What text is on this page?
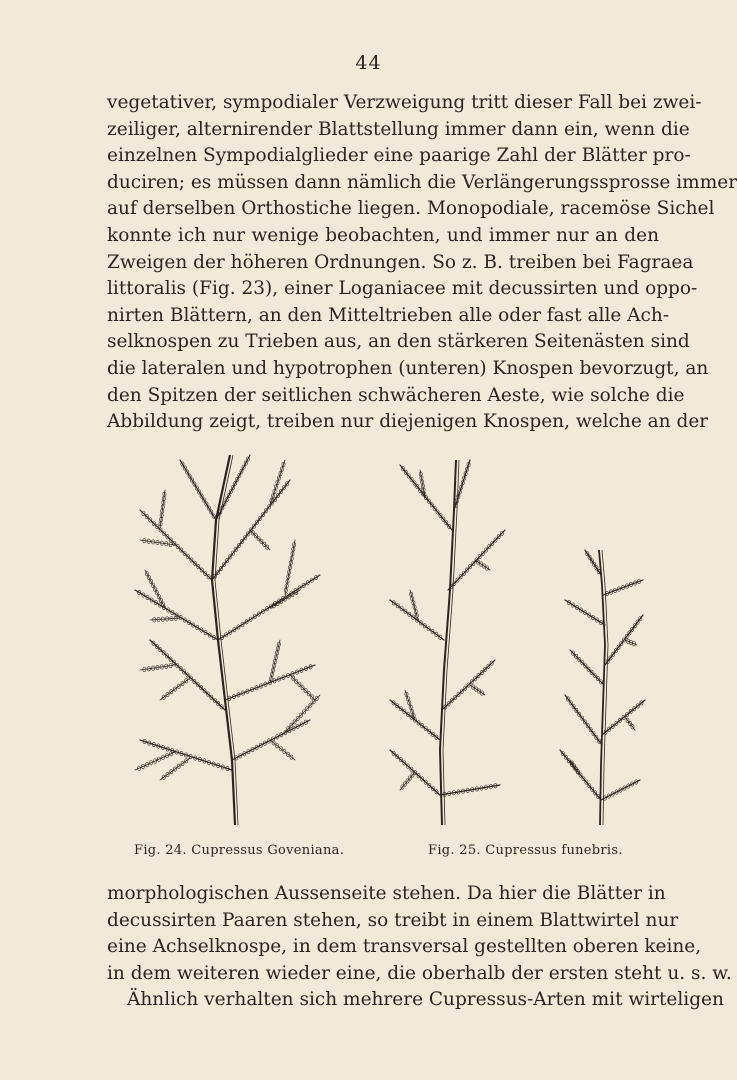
44
vegetativer, sympodialer Verzweigung tritt dieser Fall bei zwei-
zeiliger, alternirender Blattstellung immer dann ein, wenn die
einzelnen Sympodialglieder eine paarige Zahl der Blätter pro-
duciren; es müssen dann nämlich die Verlängerungssprosse immer
auf derselben Orthostiche liegen. Monopodiale, racemöse Sichel
konnte ich nur wenige beobachten, und immer nur an den
Zweigen der höheren Ordnungen. So z. B. treiben bei Fagraea
littoralis (Fig. 23), einer Loganiacee mit decussirten und oppo-
nirten Blättern, an den Mitteltrieben alle oder fast alle Ach-
selknospen zu Trieben aus, an den stärkeren Seitenästen sind
die lateralen und hypotrophen (unteren) Knospen bevorzugt, an
den Spitzen der seitlichen schwächeren Aeste, wie solche die
Abbildung zeigt, treiben nur diejenigen Knospen, welche an der
Fig. 24. Cupressus Goveniana.	Fig. 25. Cupressus funebris.
morphologischen Aussenseite stehen. Da hier die Blätter in
decussirten Paaren stehen, so treibt in einem Blattwirtel nur
eine Achselknospe, in dem transversal gestellten oberen keine,
in dem weiteren wieder eine, die oberhalb der ersten steht u. s. w.
Ähnlich verhalten sich mehrere Cupressus-Arten mit wirteligen
